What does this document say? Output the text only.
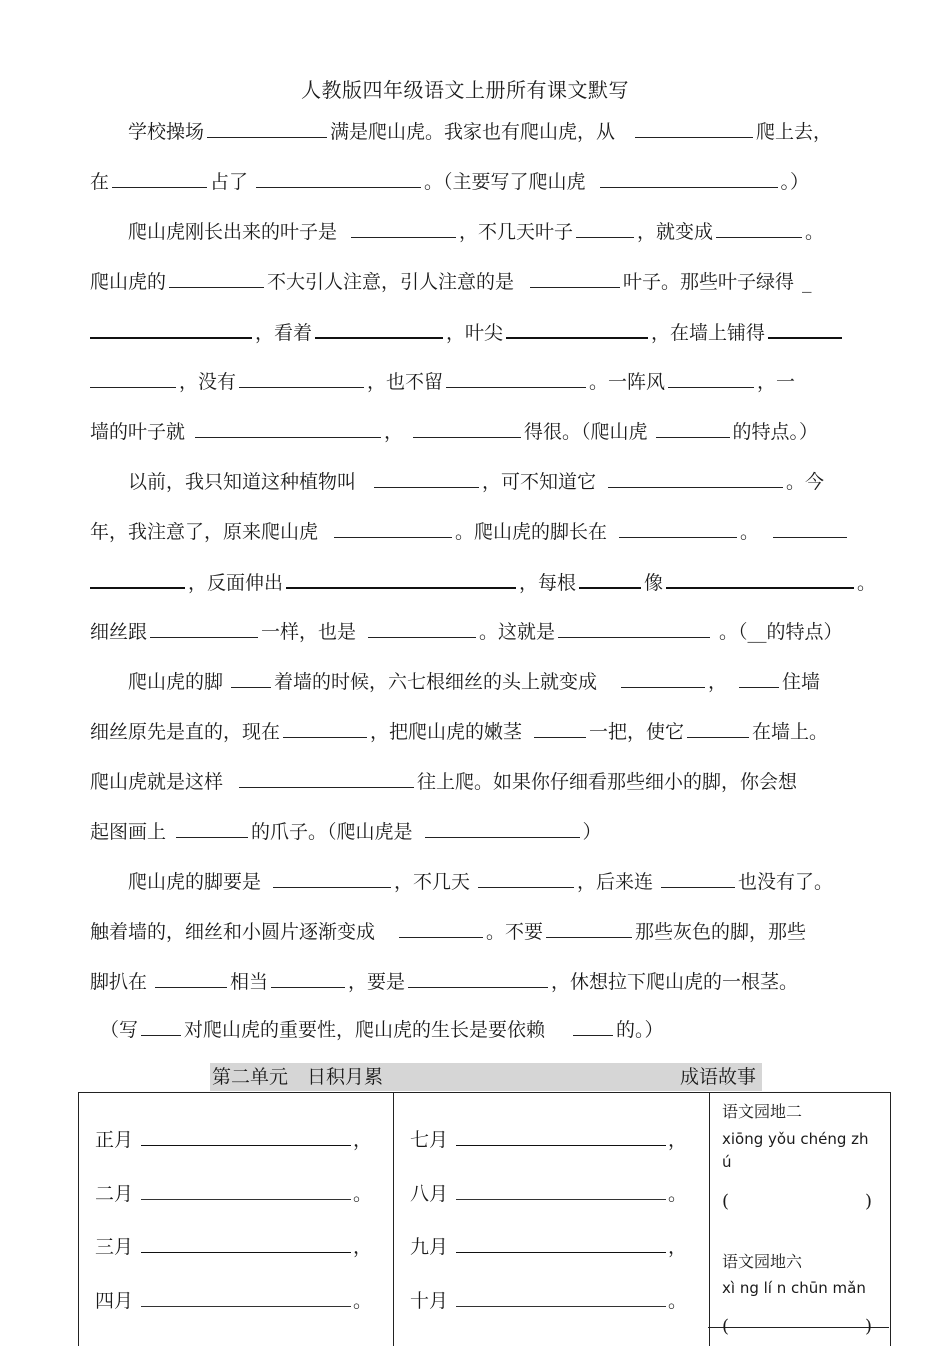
人教版四年级语文上册所有课文默写
学校操场	满是爬山虎。我家也有爬山虎，从	爬上去，
在	占了	。（主要写了爬山虎	。）
爬山虎刚长出来的叶子是	，不几天叶子	，就变成	。
爬山虎的	不大引人注意，引人注意的是	叶子。那些叶子绿得 _
，看着	，叶尖	，在墙上铺得
，没有	，也不留	。一阵风	，一
墙的叶子就	，	得很。（爬山虎	的特点。）
以前，我只知道这种植物叫	，可不知道它	。今
年，我注意了，原来爬山虎	。爬山虎的脚长在	。
，反面伸出	，每根	像	。
细丝跟	一样，也是	。这就是	。（__的特点）
爬山虎的脚	着墙的时候，六七根细丝的头上就变成	，	住墙
细丝原先是直的，现在	，把爬山虎的嫩茎	一把，使它	在墙上。
爬山虎就是这样	往上爬。如果你仔细看那些细小的脚，你会想
起图画上	的爪子。（爬山虎是	）
爬山虎的脚要是	，不几天	，后来连	也没有了。
触着墙的，细丝和小圆片逐渐变成	。不要	那些灰色的脚，那些
脚扒在	相当	，要是	，休想拉下爬山虎的一根茎。
（写 对爬山虎的重要性，爬山虎的生长是要依赖	的。）
第二单元　日积月累	成语故事
正月	，
二月	。
三月	，
四月	。
七月	，
八月	。
九月	，
十月	。
语文园地二
xiōng yǒu chéng zh
ú
(	)
语文园地六
xì ng lí n chūn mǎn
(	)
